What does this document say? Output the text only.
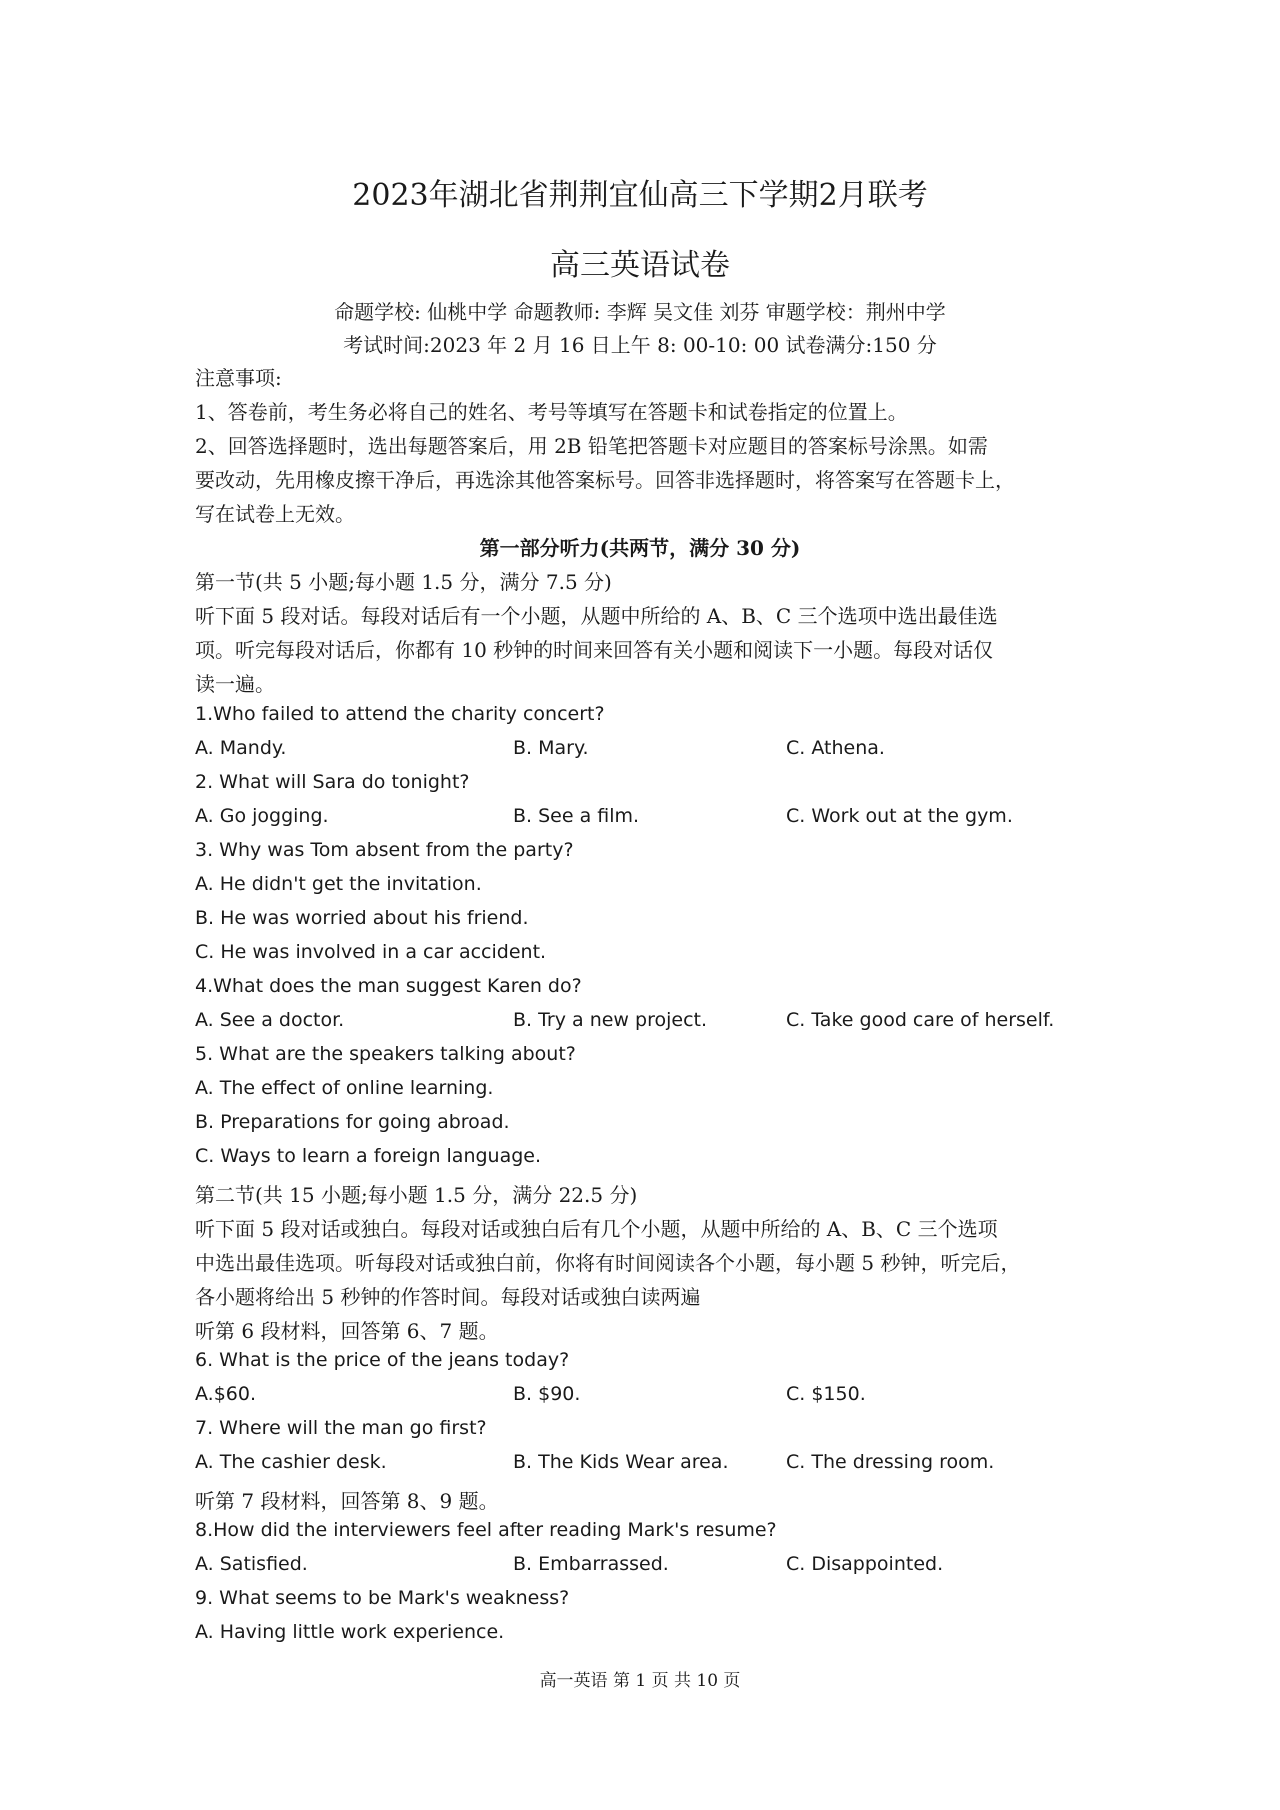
2023年湖北省荆荆宜仙高三下学期2月联考
高三英语试卷
命题学校: 仙桃中学 命题教师: 李辉 吴文佳 刘芬 审题学校：荆州中学
考试时间:2023 年 2 月 16 日上午 8: 00-10: 00 试卷满分:150 分
注意事项:
1、答卷前，考生务必将自己的姓名、考号等填写在答题卡和试卷指定的位置上。
2、回答选择题时，选出每题答案后，用 2B 铅笔把答题卡对应题目的答案标号涂黑。如需
要改动，先用橡皮擦干净后，再选涂其他答案标号。回答非选择题时，将答案写在答题卡上，
写在试卷上无效。
第一部分听力(共两节，满分 30 分)
第一节(共 5 小题;每小题 1.5 分，满分 7.5 分)
听下面 5 段对话。每段对话后有一个小题，从题中所给的 A、B、C 三个选项中选出最佳选
项。听完每段对话后，你都有 10 秒钟的时间来回答有关小题和阅读下一小题。每段对话仅
读一遍。
1.Who failed to attend the charity concert?
A. Mandy.	B. Mary.	C. Athena.
2. What will Sara do tonight?
A. Go jogging.	B. See a film.	C. Work out at the gym.
3. Why was Tom absent from the party?
A. He didn't get the invitation.
B. He was worried about his friend.
C. He was involved in a car accident.
4.What does the man suggest Karen do?
A. See a doctor.	B. Try a new project.	C. Take good care of herself.
5. What are the speakers talking about?
A. The effect of online learning.
B. Preparations for going abroad.
C. Ways to learn a foreign language.
第二节(共 15 小题;每小题 1.5 分，满分 22.5 分)
听下面 5 段对话或独白。每段对话或独白后有几个小题，从题中所给的 A、B、C 三个选项
中选出最佳选项。听每段对话或独白前，你将有时间阅读各个小题，每小题 5 秒钟，听完后，
各小题将给出 5 秒钟的作答时间。每段对话或独白读两遍
听第 6 段材料，回答第 6、7 题。
6. What is the price of the jeans today?
A.$60.	B. $90.	C. $150.
7. Where will the man go first?
A. The cashier desk.	B. The Kids Wear area.	C. The dressing room.
听第 7 段材料，回答第 8、9 题。
8.How did the interviewers feel after reading Mark's resume?
A. Satisfied.	B. Embarrassed.	C. Disappointed.
9. What seems to be Mark's weakness?
A. Having little work experience.
高一英语 第 1 页 共 10 页
